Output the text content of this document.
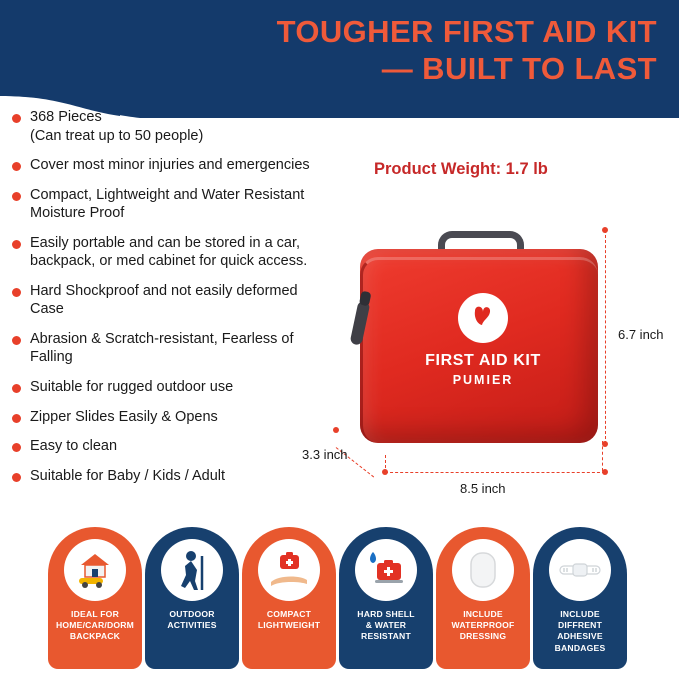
TOUGHER FIRST AID KIT
— BUILT TO LAST
368 Pieces
(Can treat up to 50 people)
Cover most minor injuries and emergencies
Compact, Lightweight and Water Resistant Moisture Proof
Easily portable and can be stored in a car, backpack, or med cabinet for quick access.
Hard Shockproof and not easily deformed Case
Abrasion & Scratch-resistant, Fearless of Falling
Suitable for rugged outdoor use
Zipper Slides Easily & Opens
Easy to clean
Suitable for Baby / Kids / Adult
Product Weight: 1.7 lb
6.7 inch
3.3 inch
8.5 inch
FIRST AID KIT
PUMIER
IDEAL FOR
HOME/CAR/DORM
BACKPACK
OUTDOOR
ACTIVITIES
COMPACT
LIGHTWEIGHT
HARD SHELL
& WATER
RESISTANT
INCLUDE
WATERPROOF
DRESSING
INCLUDE
DIFFRENT
ADHESIVE BANDAGES
